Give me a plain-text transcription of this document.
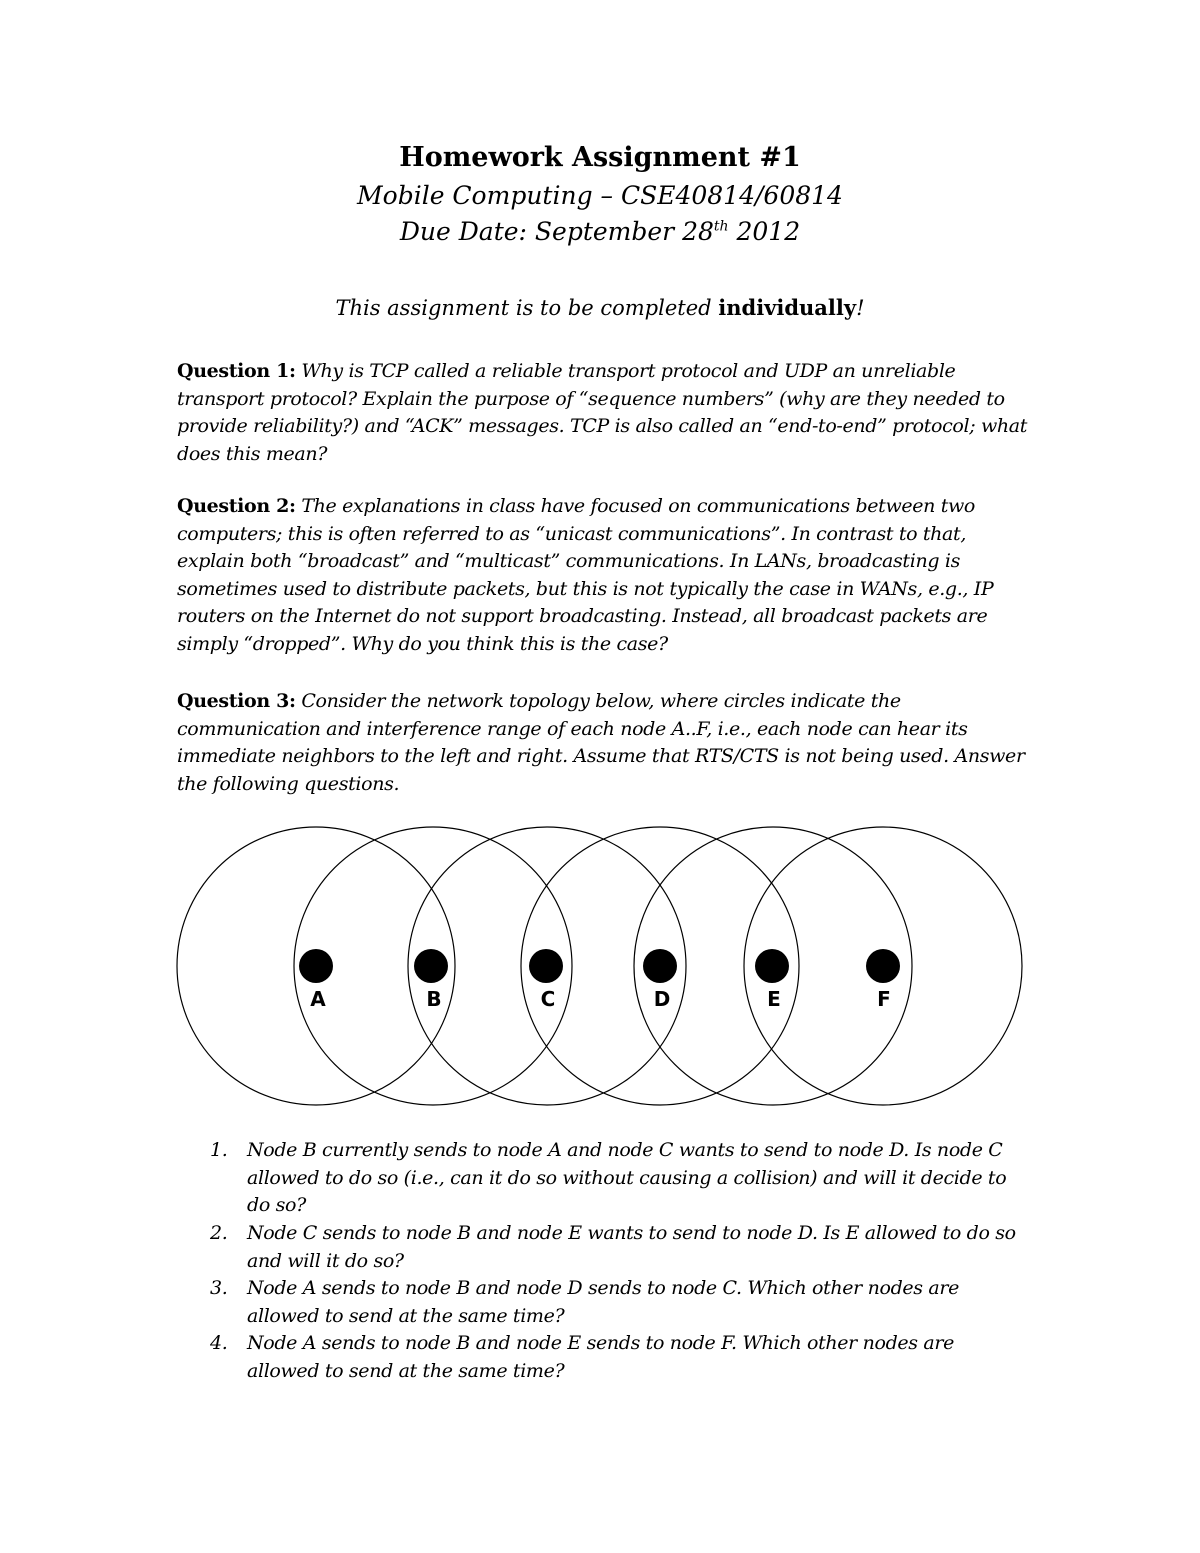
Homework Assignment #1

Mobile Computing – CSE40814/60814

Due Date: September 28th 2012

This assignment is to be completed individually!

Question 1: Why is TCP called a reliable transport protocol and UDP an unreliable transport protocol? Explain the purpose of “sequence numbers” (why are they needed to provide reliability?) and “ACK” messages. TCP is also called an “end-to-end” protocol; what does this mean?

Question 2: The explanations in class have focused on communications between two computers; this is often referred to as “unicast communications”. In contrast to that, explain both “broadcast” and “multicast” communications. In LANs, broadcasting is sometimes used to distribute packets, but this is not typically the case in WANs, e.g., IP routers on the Internet do not support broadcasting. Instead, all broadcast packets are simply “dropped”. Why do you think this is the case?

Question 3: Consider the network topology below, where circles indicate the communication and interference range of each node A..F, i.e., each node can hear its immediate neighbors to the left and right. Assume that RTS/CTS is not being used. Answer the following questions.

A	B	C	D	E	F
1. Node B currently sends to node A and node C wants to send to node D. Is node C allowed to do so (i.e., can it do so without causing a collision) and will it decide to do so?
2. Node C sends to node B and node E wants to send to node D. Is E allowed to do so and will it do so?
3. Node A sends to node B and node D sends to node C. Which other nodes are allowed to send at the same time?
4. Node A sends to node B and node E sends to node F. Which other nodes are allowed to send at the same time?
